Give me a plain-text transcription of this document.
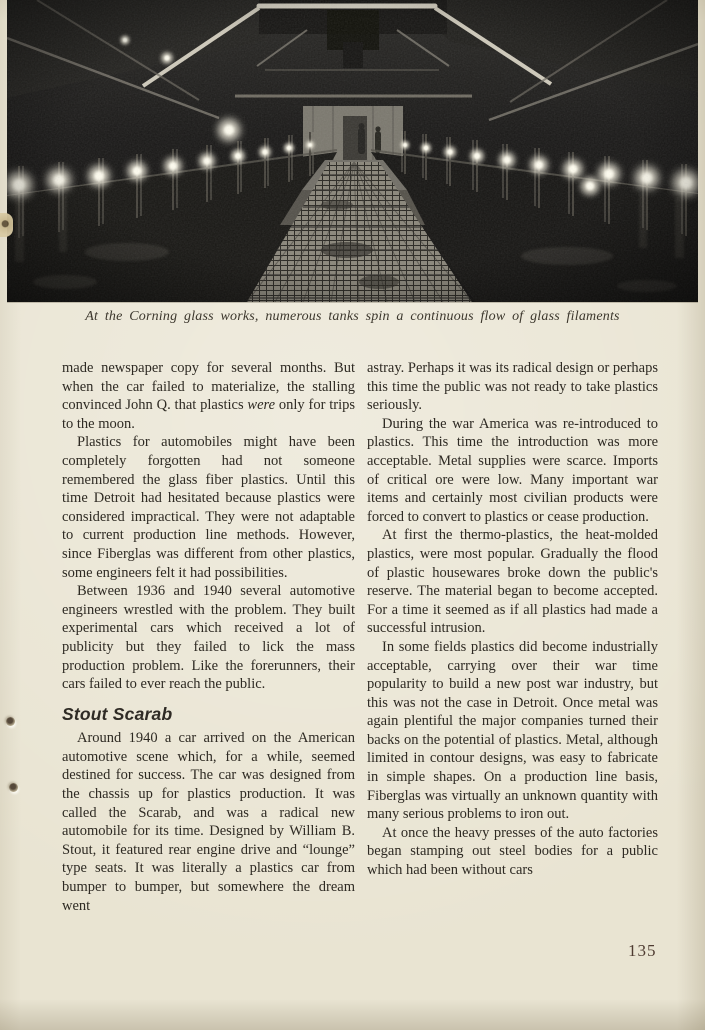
At the Corning glass works, numerous tanks spin a continuous flow of glass filaments

made newspaper copy for several months. But when the car failed to materialize, the stalling convinced John Q. that plastics were only for trips to the moon.

Plastics for automobiles might have been completely forgotten had not someone remembered the glass fiber plastics. Until this time Detroit had hesitated because plastics were considered impractical. They were not adaptable to current production line methods. However, since Fiberglas was different from other plastics, some engineers felt it had possibilities.

Between 1936 and 1940 several automotive engineers wrestled with the problem. They built experimental cars which received a lot of publicity but they failed to lick the mass production problem. Like the forerunners, their cars failed to ever reach the public.

Stout Scarab

Around 1940 a car arrived on the American automotive scene which, for a while, seemed destined for success. The car was designed from the chassis up for plastics production. It was called the Scarab, and was a radical new automobile for its time. Designed by William B. Stout, it featured rear engine drive and “lounge” type seats. It was literally a plastics car from bumper to bumper, but somewhere the dream went

astray. Perhaps it was its radical design or perhaps this time the public was not ready to take plastics seriously.

During the war America was re-introduced to plastics. This time the introduction was more acceptable. Metal supplies were scarce. Imports of critical ore were low. Many important war items and certainly most civilian products were forced to convert to plastics or cease production.

At first the thermo-plastics, the heat-molded plastics, were most popular. Gradually the flood of plastic housewares broke down the public's reserve. The material began to become accepted. For a time it seemed as if all plastics had made a successful intrusion.

In some fields plastics did become industrially acceptable, carrying over their war time popularity to build a new post war industry, but this was not the case in Detroit. Once metal was again plentiful the major companies turned their backs on the potential of plastics. Metal, although limited in contour designs, was easy to fabricate in simple shapes. On a production line basis, Fiberglas was virtually an unknown quantity with many serious problems to iron out.

At once the heavy presses of the auto factories began stamping out steel bodies for a public which had been without cars

135
